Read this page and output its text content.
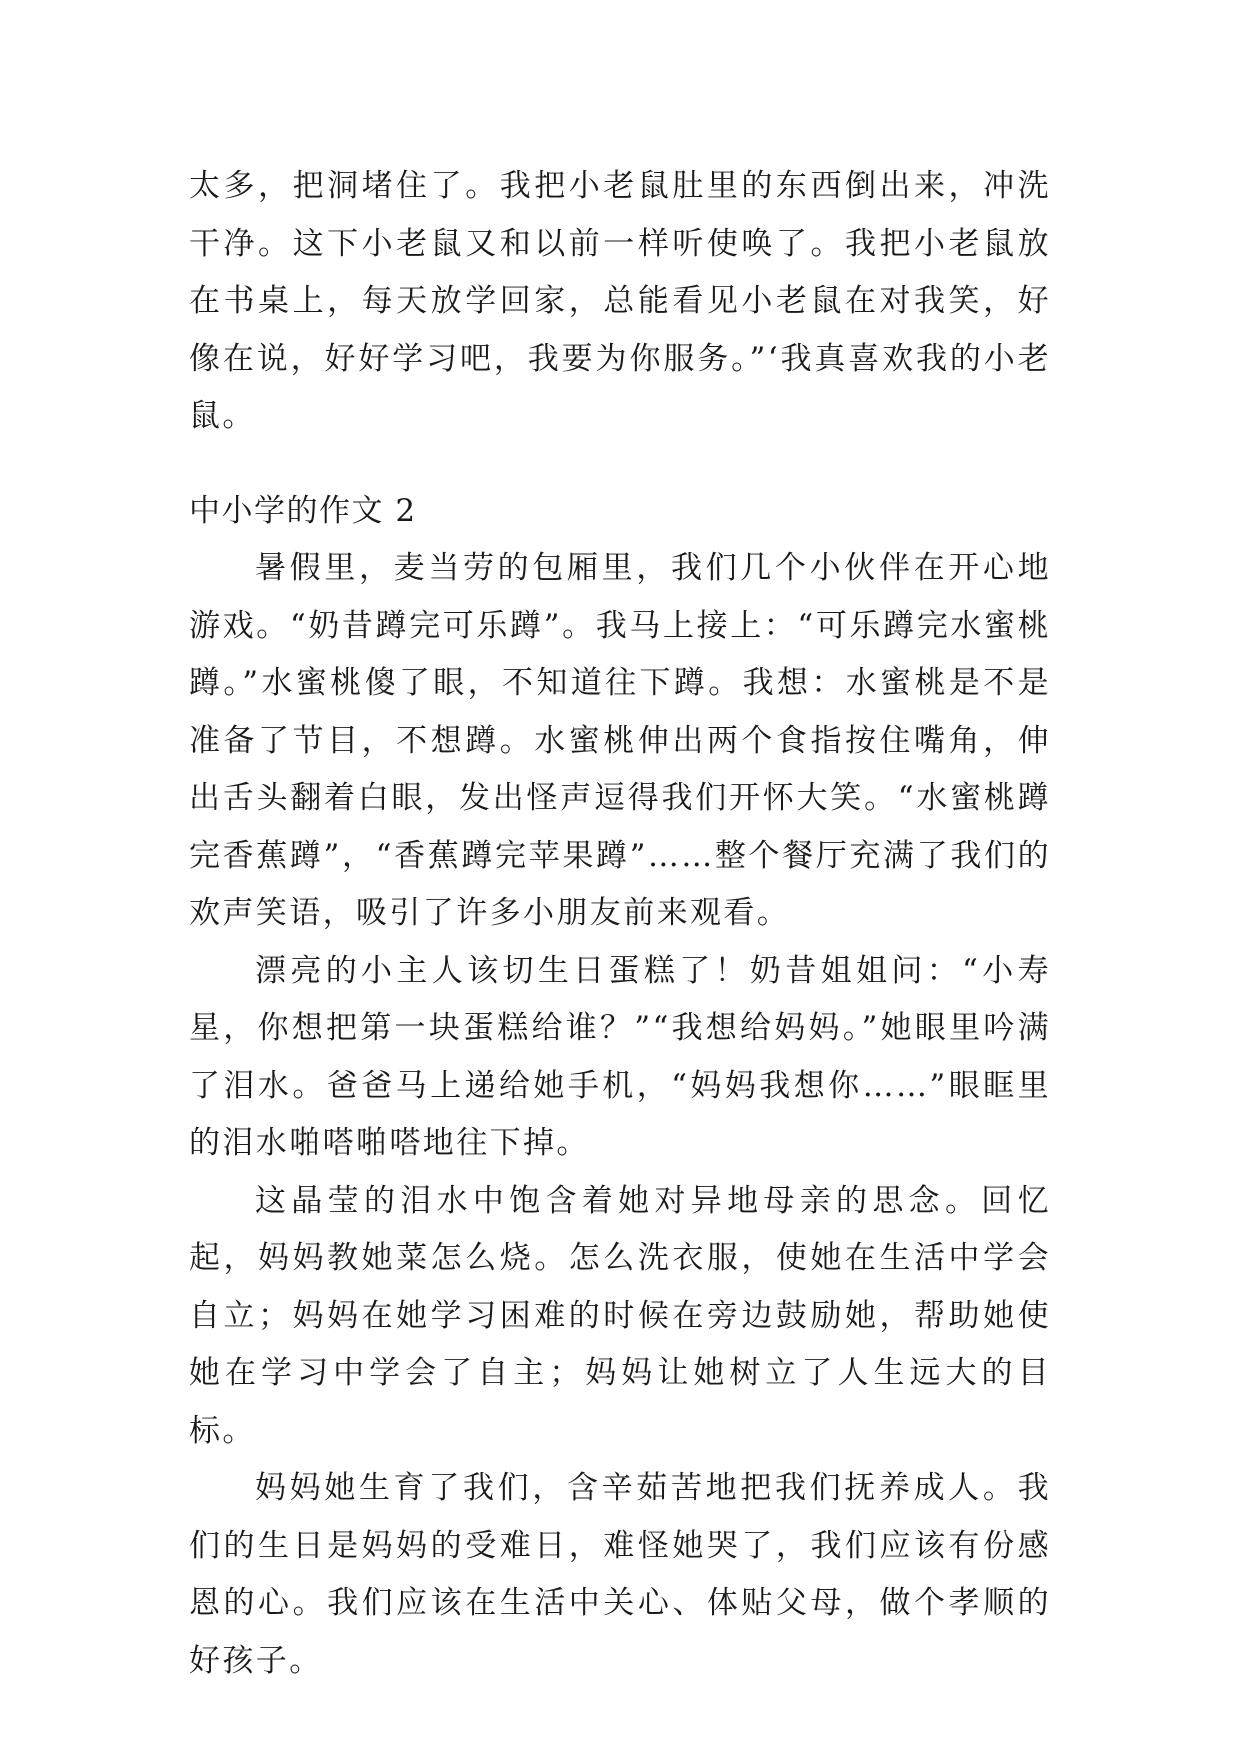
太多，把洞堵住了。我把小老鼠肚里的东西倒出来，冲洗干净。这下小老鼠又和以前一样听使唤了。我把小老鼠放在书桌上，每天放学回家，总能看见小老鼠在对我笑，好像在说，好好学习吧，我要为你服务。”‘我真喜欢我的小老鼠。

中小学的作文 2

暑假里，麦当劳的包厢里，我们几个小伙伴在开心地游戏。“奶昔蹲完可乐蹲”。我马上接上：“可乐蹲完水蜜桃蹲。”水蜜桃傻了眼，不知道往下蹲。我想：水蜜桃是不是准备了节目，不想蹲。水蜜桃伸出两个食指按住嘴角，伸出舌头翻着白眼，发出怪声逗得我们开怀大笑。“水蜜桃蹲完香蕉蹲”，“香蕉蹲完苹果蹲”……整个餐厅充满了我们的欢声笑语，吸引了许多小朋友前来观看。

漂亮的小主人该切生日蛋糕了！奶昔姐姐问：“小寿星，你想把第一块蛋糕给谁？”“我想给妈妈。”她眼里吟满了泪水。爸爸马上递给她手机，“妈妈我想你……”眼眶里的泪水啪嗒啪嗒地往下掉。

这晶莹的泪水中饱含着她对异地母亲的思念。回忆起，妈妈教她菜怎么烧。怎么洗衣服，使她在生活中学会自立；妈妈在她学习困难的时候在旁边鼓励她，帮助她使她在学习中学会了自主；妈妈让她树立了人生远大的目标。

妈妈她生育了我们，含辛茹苦地把我们抚养成人。我们的生日是妈妈的受难日，难怪她哭了，我们应该有份感恩的心。我们应该在生活中关心、体贴父母，做个孝顺的好孩子。
